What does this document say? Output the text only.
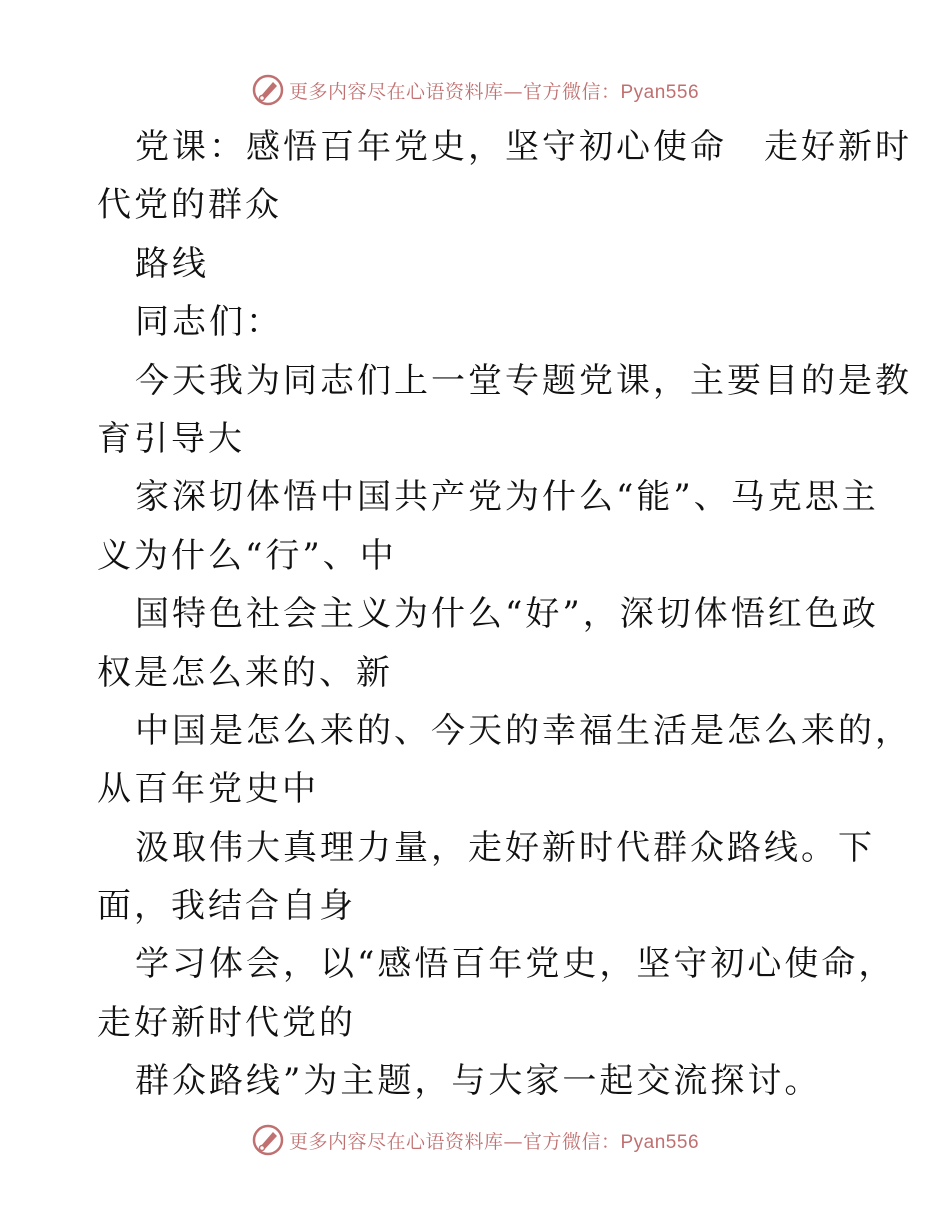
更多内容尽在心语资料库—官方微信：Pyan556
党课：感悟百年党史，坚守初心使命　走好新时
代党的群众
路线
同志们：
今天我为同志们上一堂专题党课，主要目的是教
育引导大
家深切体悟中国共产党为什么“能”、马克思主
义为什么“行”、中
国特色社会主义为什么“好”，深切体悟红色政
权是怎么来的、新
中国是怎么来的、今天的幸福生活是怎么来的，
从百年党史中
汲取伟大真理力量，走好新时代群众路线。下
面，我结合自身
学习体会，以“感悟百年党史，坚守初心使命，
走好新时代党的
群众路线”为主题，与大家一起交流探讨。
更多内容尽在心语资料库—官方微信：Pyan556
